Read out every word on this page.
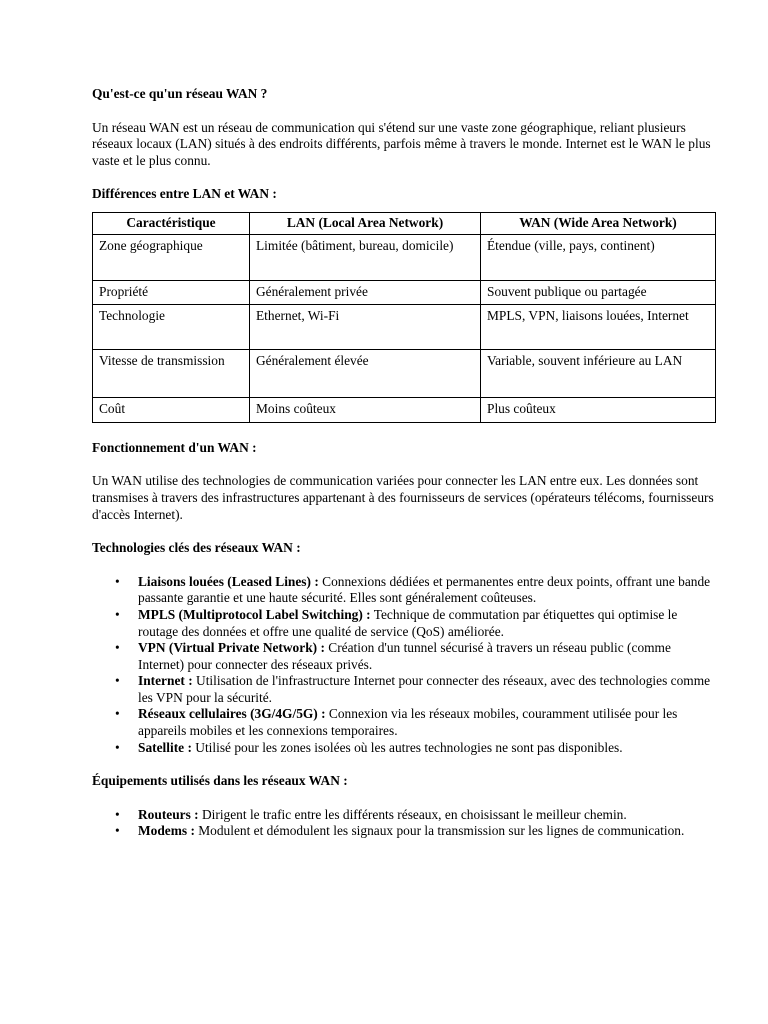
Qu'est-ce qu'un réseau WAN ?

Un réseau WAN est un réseau de communication qui s'étend sur une vaste zone géographique, reliant plusieurs réseaux locaux (LAN) situés à des endroits différents, parfois même à travers le monde. Internet est le WAN le plus vaste et le plus connu.

Différences entre LAN et WAN :

Caractéristique	LAN (Local Area Network)	WAN (Wide Area Network)
Zone géographique	Limitée (bâtiment, bureau, domicile)	Étendue (ville, pays, continent)
Propriété	Généralement privée	Souvent publique ou partagée
Technologie	Ethernet, Wi-Fi	MPLS, VPN, liaisons louées, Internet
Vitesse de transmission	Généralement élevée	Variable, souvent inférieure au LAN
Coût	Moins coûteux	Plus coûteux

Fonctionnement d'un WAN :

Un WAN utilise des technologies de communication variées pour connecter les LAN entre eux. Les données sont transmises à travers des infrastructures appartenant à des fournisseurs de services (opérateurs télécoms, fournisseurs d'accès Internet).

Technologies clés des réseaux WAN :

• Liaisons louées (Leased Lines) : Connexions dédiées et permanentes entre deux points, offrant une bande passante garantie et une haute sécurité. Elles sont généralement coûteuses.
• MPLS (Multiprotocol Label Switching) : Technique de commutation par étiquettes qui optimise le routage des données et offre une qualité de service (QoS) améliorée.
• VPN (Virtual Private Network) : Création d'un tunnel sécurisé à travers un réseau public (comme Internet) pour connecter des réseaux privés.
• Internet : Utilisation de l'infrastructure Internet pour connecter des réseaux, avec des technologies comme les VPN pour la sécurité.
• Réseaux cellulaires (3G/4G/5G) : Connexion via les réseaux mobiles, couramment utilisée pour les appareils mobiles et les connexions temporaires.
• Satellite : Utilisé pour les zones isolées où les autres technologies ne sont pas disponibles.

Équipements utilisés dans les réseaux WAN :

• Routeurs : Dirigent le trafic entre les différents réseaux, en choisissant le meilleur chemin.
• Modems : Modulent et démodulent les signaux pour la transmission sur les lignes de communication.
